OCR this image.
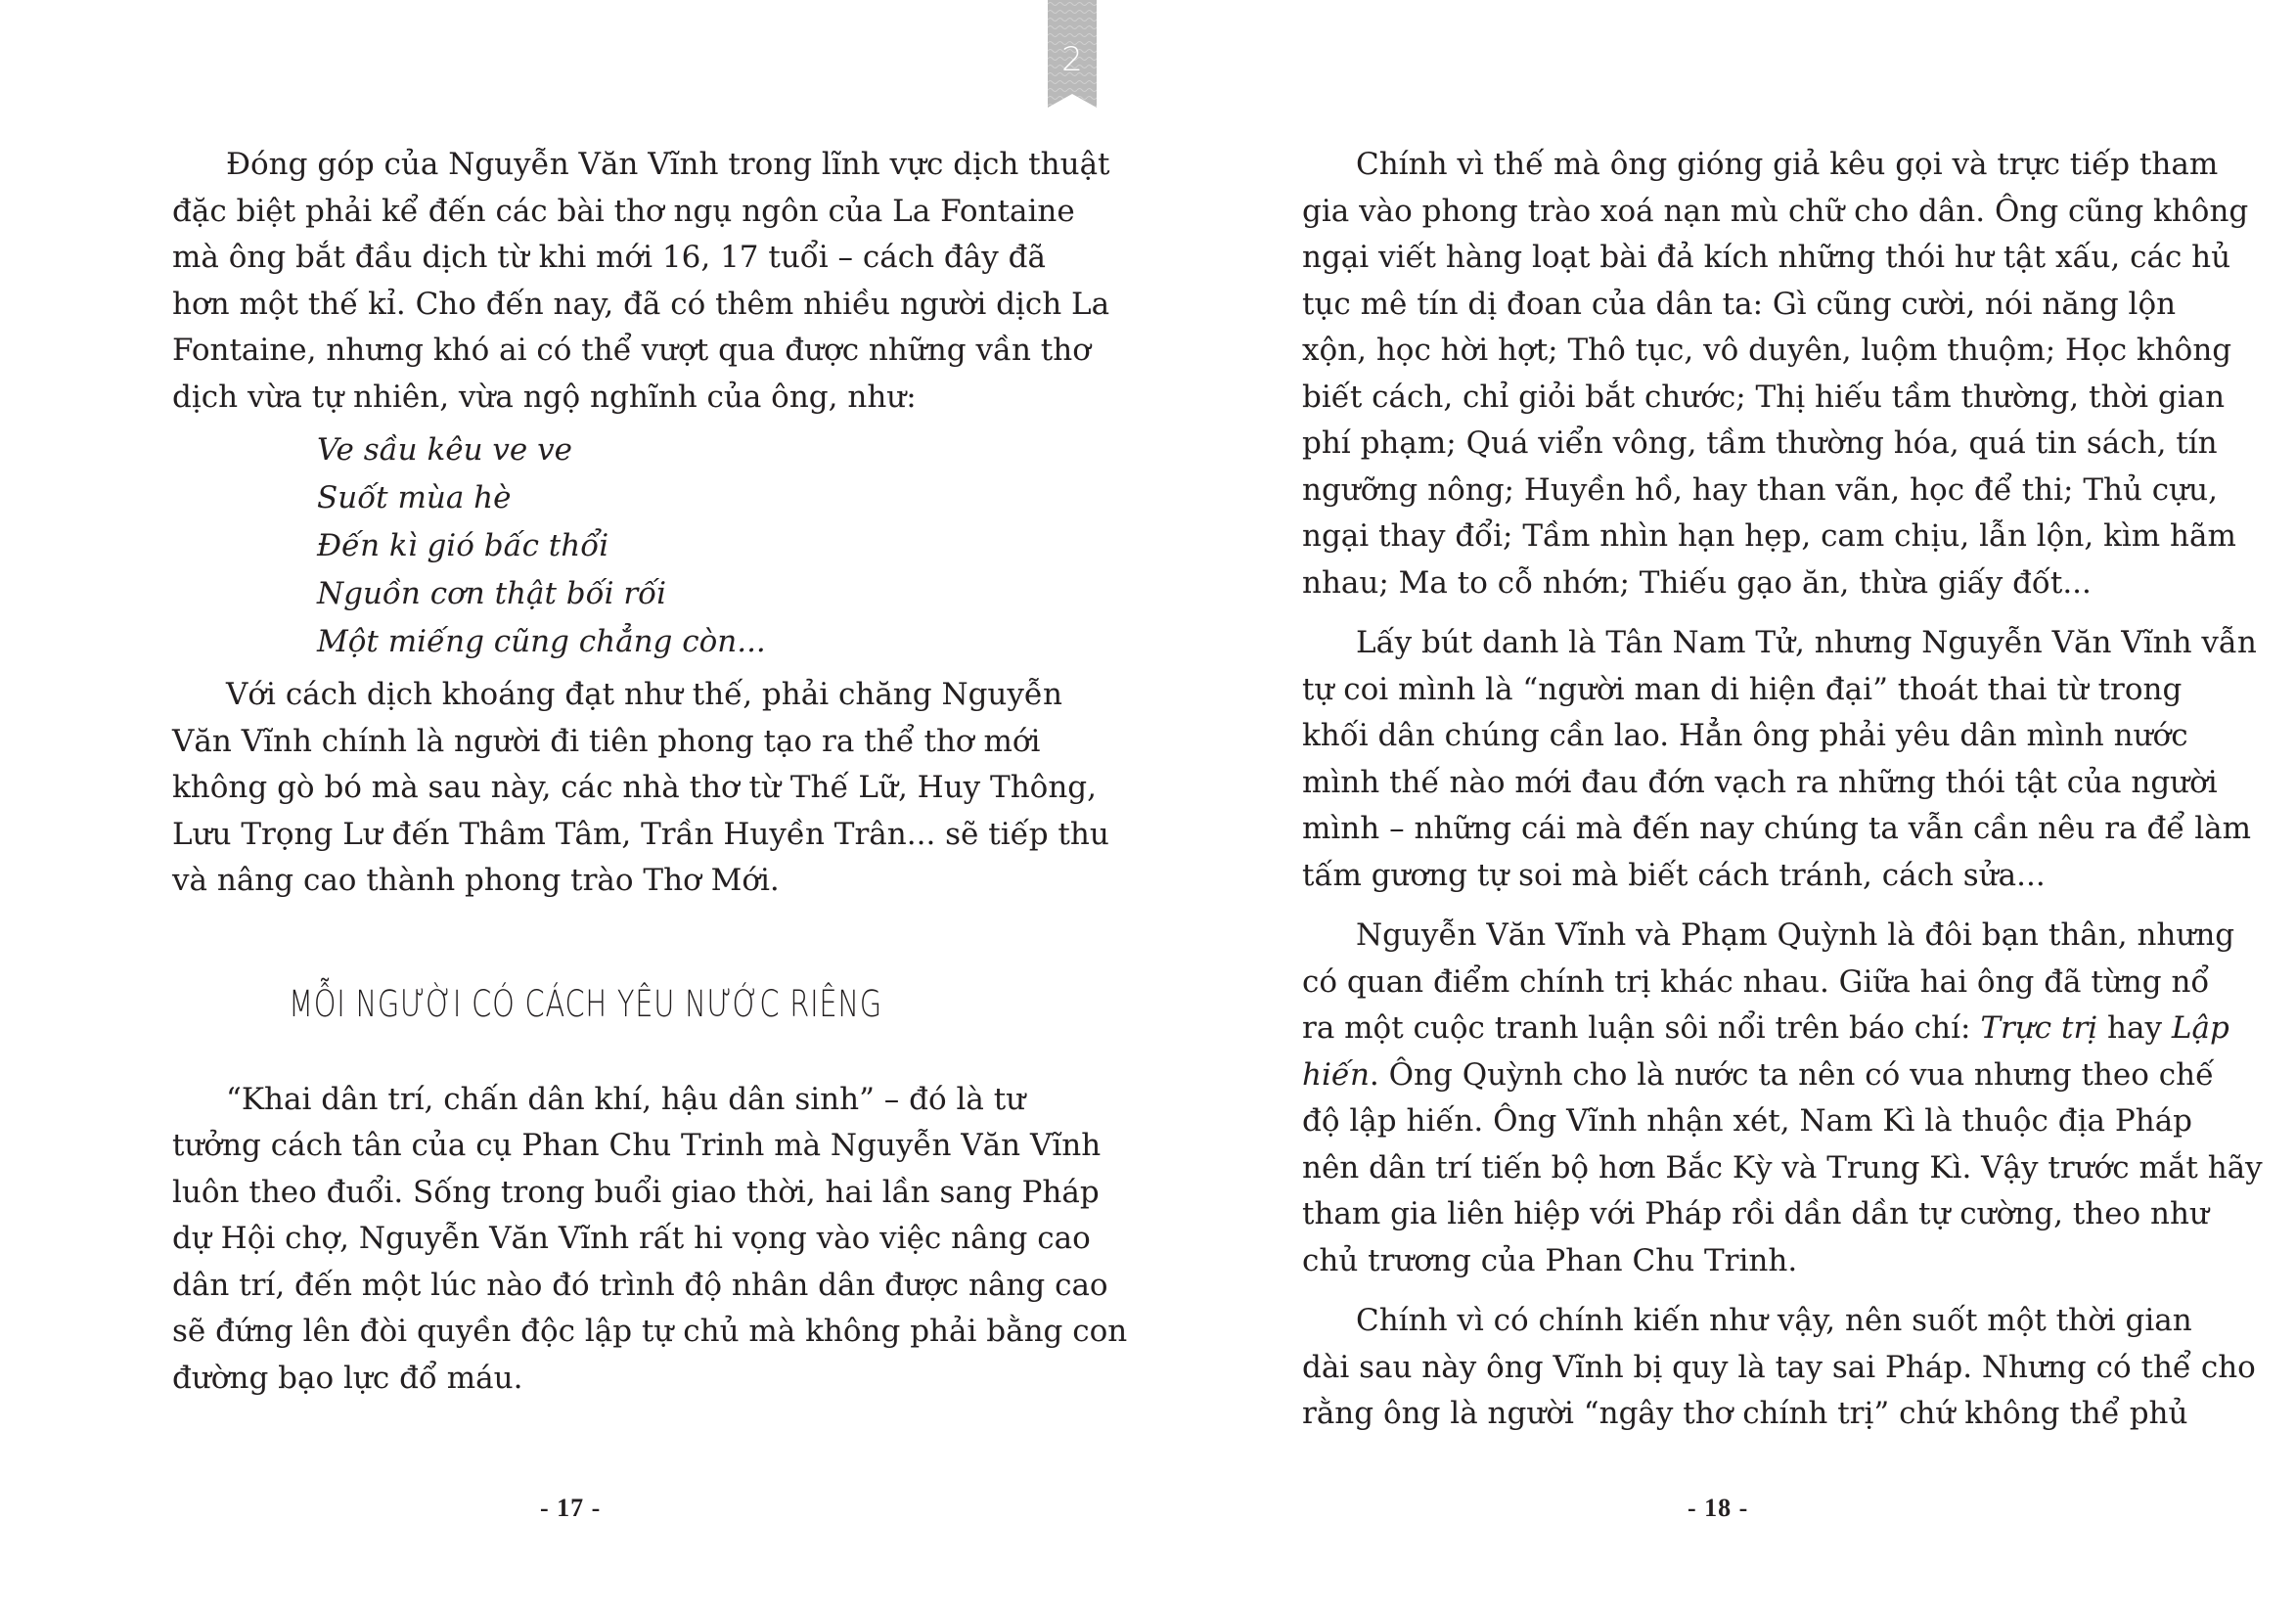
2
Đóng góp của Nguyễn Văn Vĩnh trong lĩnh vực dịch thuật
đặc biệt phải kể đến các bài thơ ngụ ngôn của La Fontaine
mà ông bắt đầu dịch từ khi mới 16, 17 tuổi – cách đây đã
hơn một thế kỉ. Cho đến nay, đã có thêm nhiều người dịch La
Fontaine, nhưng khó ai có thể vượt qua được những vần thơ
dịch vừa tự nhiên, vừa ngộ nghĩnh của ông, như:
Ve sầu kêu ve ve
Suốt mùa hè
Đến kì gió bấc thổi
Nguồn cơn thật bối rối
Một miếng cũng chẳng còn...
Với cách dịch khoáng đạt như thế, phải chăng Nguyễn
Văn Vĩnh chính là người đi tiên phong tạo ra thể thơ mới
không gò bó mà sau này, các nhà thơ từ Thế Lữ, Huy Thông,
Lưu Trọng Lư đến Thâm Tâm, Trần Huyền Trân... sẽ tiếp thu
và nâng cao thành phong trào Thơ Mới.
MỖI NGƯỜI CÓ CÁCH YÊU NƯỚC RIÊNG
“Khai dân trí, chấn dân khí, hậu dân sinh” – đó là tư
tưởng cách tân của cụ Phan Chu Trinh mà Nguyễn Văn Vĩnh
luôn theo đuổi. Sống trong buổi giao thời, hai lần sang Pháp
dự Hội chợ, Nguyễn Văn Vĩnh rất hi vọng vào việc nâng cao
dân trí, đến một lúc nào đó trình độ nhân dân được nâng cao
sẽ đứng lên đòi quyền độc lập tự chủ mà không phải bằng con
đường bạo lực đổ máu.
- 17 -
Chính vì thế mà ông gióng giả kêu gọi và trực tiếp tham
gia vào phong trào xoá nạn mù chữ cho dân. Ông cũng không
ngại viết hàng loạt bài đả kích những thói hư tật xấu, các hủ
tục mê tín dị đoan của dân ta: Gì cũng cười, nói năng lộn
xộn, học hời hợt; Thô tục, vô duyên, luộm thuộm; Học không
biết cách, chỉ giỏi bắt chước; Thị hiếu tầm thường, thời gian
phí phạm; Quá viển vông, tầm thường hóa, quá tin sách, tín
ngưỡng nông; Huyền hồ, hay than vãn, học để thi; Thủ cựu,
ngại thay đổi; Tầm nhìn hạn hẹp, cam chịu, lẫn lộn, kìm hãm
nhau; Ma to cỗ nhớn; Thiếu gạo ăn, thừa giấy đốt...
Lấy bút danh là Tân Nam Tử, nhưng Nguyễn Văn Vĩnh vẫn
tự coi mình là “người man di hiện đại” thoát thai từ trong
khối dân chúng cần lao. Hẳn ông phải yêu dân mình nước
mình thế nào mới đau đớn vạch ra những thói tật của người
mình – những cái mà đến nay chúng ta vẫn cần nêu ra để làm
tấm gương tự soi mà biết cách tránh, cách sửa...
Nguyễn Văn Vĩnh và Phạm Quỳnh là đôi bạn thân, nhưng
có quan điểm chính trị khác nhau. Giữa hai ông đã từng nổ
ra một cuộc tranh luận sôi nổi trên báo chí: Trực trị hay Lập
hiến. Ông Quỳnh cho là nước ta nên có vua nhưng theo chế
độ lập hiến. Ông Vĩnh nhận xét, Nam Kì là thuộc địa Pháp
nên dân trí tiến bộ hơn Bắc Kỳ và Trung Kì. Vậy trước mắt hãy
tham gia liên hiệp với Pháp rồi dần dần tự cường, theo như
chủ trương của Phan Chu Trinh.
Chính vì có chính kiến như vậy, nên suốt một thời gian
dài sau này ông Vĩnh bị quy là tay sai Pháp. Nhưng có thể cho
rằng ông là người “ngây thơ chính trị” chứ không thể phủ
- 18 -
